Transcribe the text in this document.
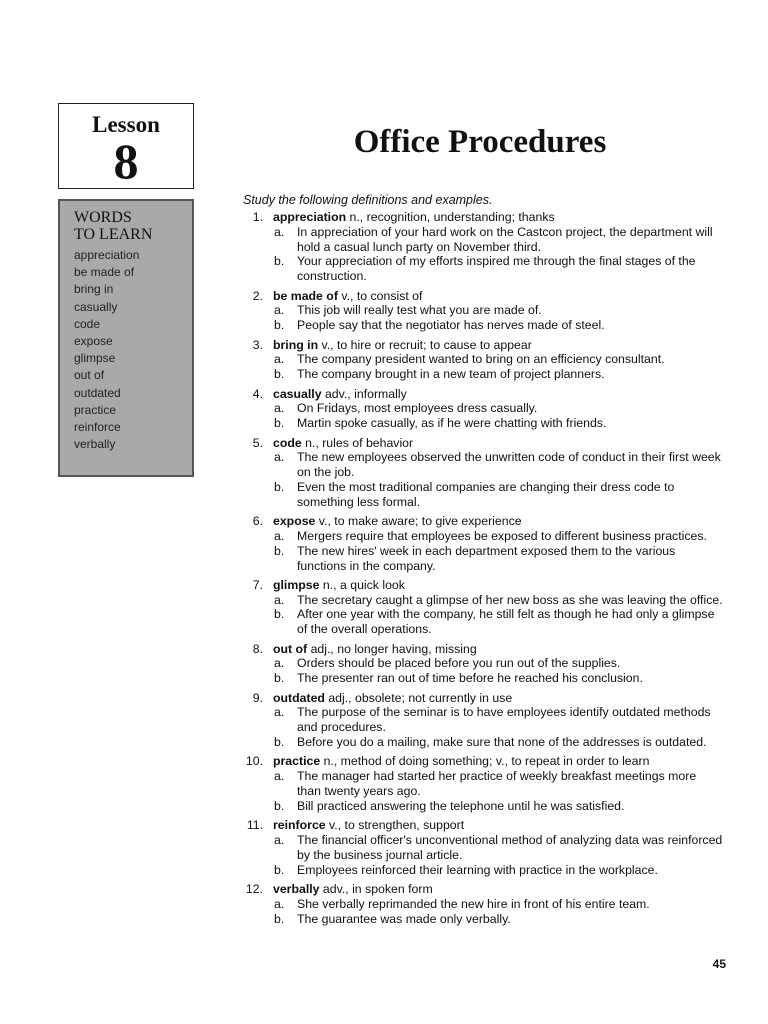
Lesson
8
WORDS
TO LEARN
appreciation
be made of
bring in
casually
code
expose
glimpse
out of
outdated
practice
reinforce
verbally
Office Procedures
Study the following definitions and examples.
1. appreciation n., recognition, understanding; thanks
a. In appreciation of your hard work on the Castcon project, the department will hold a casual lunch party on November third.
b. Your appreciation of my efforts inspired me through the final stages of the construction.
2. be made of v., to consist of
a. This job will really test what you are made of.
b. People say that the negotiator has nerves made of steel.
3. bring in v., to hire or recruit; to cause to appear
a. The company president wanted to bring on an efficiency consultant.
b. The company brought in a new team of project planners.
4. casually adv., informally
a. On Fridays, most employees dress casually.
b. Martin spoke casually, as if he were chatting with friends.
5. code n., rules of behavior
a. The new employees observed the unwritten code of conduct in their first week on the job.
b. Even the most traditional companies are changing their dress code to something less formal.
6. expose v., to make aware; to give experience
a. Mergers require that employees be exposed to different business practices.
b. The new hires' week in each department exposed them to the various functions in the company.
7. glimpse n., a quick look
a. The secretary caught a glimpse of her new boss as she was leaving the office.
b. After one year with the company, he still felt as though he had only a glimpse of the overall operations.
8. out of adj., no longer having, missing
a. Orders should be placed before you run out of the supplies.
b. The presenter ran out of time before he reached his conclusion.
9. outdated adj., obsolete; not currently in use
a. The purpose of the seminar is to have employees identify outdated methods and procedures.
b. Before you do a mailing, make sure that none of the addresses is outdated.
10. practice n., method of doing something; v., to repeat in order to learn
a. The manager had started her practice of weekly breakfast meetings more than twenty years ago.
b. Bill practiced answering the telephone until he was satisfied.
11. reinforce v., to strengthen, support
a. The financial officer's unconventional method of analyzing data was reinforced by the business journal article.
b. Employees reinforced their learning with practice in the workplace.
12. verbally adv., in spoken form
a. She verbally reprimanded the new hire in front of his entire team.
b. The guarantee was made only verbally.
45
